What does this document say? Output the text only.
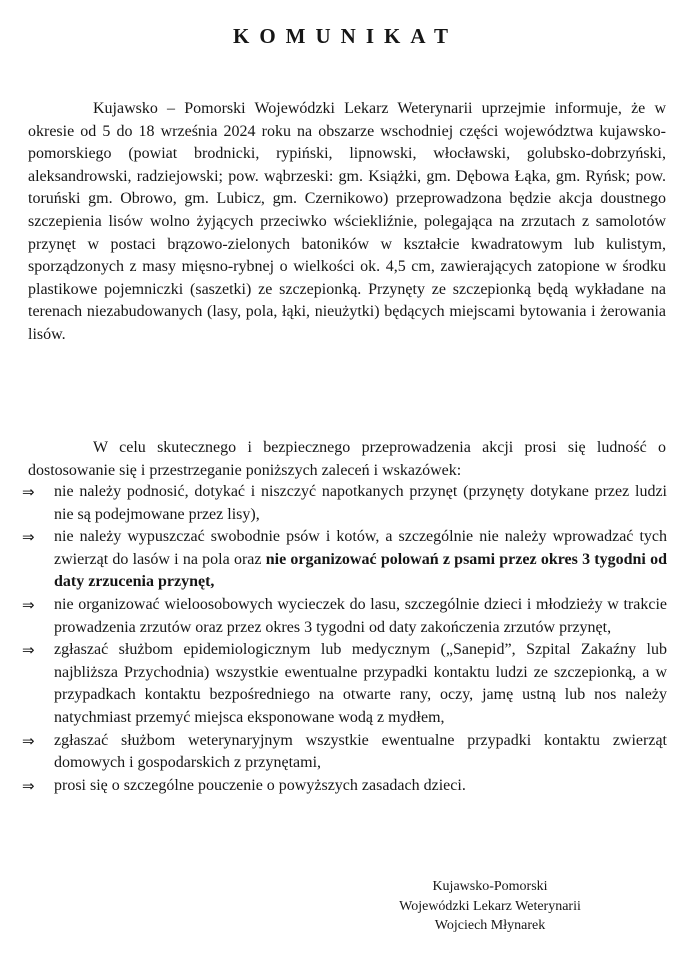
KOMUNIKAT

Kujawsko – Pomorski Wojewódzki Lekarz Weterynarii uprzejmie informuje, że w okresie od 5 do 18 września 2024 roku na obszarze wschodniej części województwa kujawsko-pomorskiego (powiat brodnicki, rypiński, lipnowski, włocławski, golubsko-dobrzyński, aleksandrowski, radziejowski; pow. wąbrzeski: gm. Książki, gm. Dębowa Łąka, gm. Ryńsk; pow. toruński gm. Obrowo, gm. Lubicz, gm. Czernikowo) przeprowadzona będzie akcja doustnego szczepienia lisów wolno żyjących przeciwko wściekliźnie, polegająca na zrzutach z samolotów przynęt w postaci brązowo-zielonych batoników w kształcie kwadratowym lub kulistym, sporządzonych z masy mięsno-rybnej o wielkości ok. 4,5 cm, zawierających zatopione w środku plastikowe pojemniczki (saszetki) ze szczepionką. Przynęty ze szczepionką będą wykładane na terenach niezabudowanych (lasy, pola, łąki, nieużytki) będących miejscami bytowania i żerowania lisów.

W celu skutecznego i bezpiecznego przeprowadzenia akcji prosi się ludność o dostosowanie się i przestrzeganie poniższych zaleceń i wskazówek:

⇒ nie należy podnosić, dotykać i niszczyć napotkanych przynęt (przynęty dotykane przez ludzi nie są podejmowane przez lisy),
⇒ nie należy wypuszczać swobodnie psów i kotów, a szczególnie nie należy wprowadzać tych zwierząt do lasów i na pola oraz nie organizować polowań z psami przez okres 3 tygodni od daty zrzucenia przynęt,
⇒ nie organizować wieloosobowych wycieczek do lasu, szczególnie dzieci i młodzieży w trakcie prowadzenia zrzutów oraz przez okres 3 tygodni od daty zakończenia zrzutów przynęt,
⇒ zgłaszać służbom epidemiologicznym lub medycznym („Sanepid”, Szpital Zakaźny lub najbliższa Przychodnia) wszystkie ewentualne przypadki kontaktu ludzi ze szczepionką, a w przypadkach kontaktu bezpośredniego na otwarte rany, oczy, jamę ustną lub nos należy natychmiast przemyć miejsca eksponowane wodą z mydłem,
⇒ zgłaszać służbom weterynaryjnym wszystkie ewentualne przypadki kontaktu zwierząt domowych i gospodarskich z przynętami,
⇒ prosi się o szczególne pouczenie o powyższych zasadach dzieci.
Kujawsko-Pomorski
Wojewódzki Lekarz Weterynarii
Wojciech Młynarek
